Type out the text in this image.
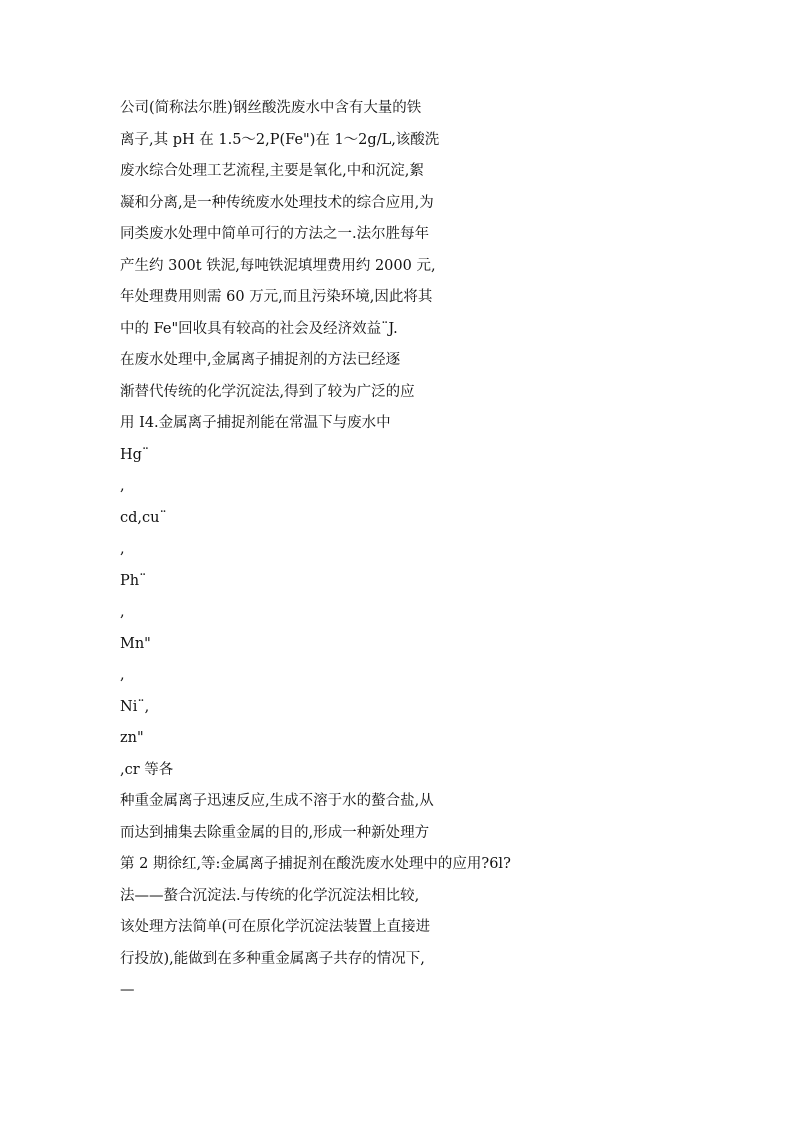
公司(简称法尔胜)钢丝酸洗废水中含有大量的铁
离子,其 pH 在 1.5～2,P(Fe")在 1～2g/L,该酸洗
废水综合处理工艺流程,主要是氧化,中和沉淀,絮
凝和分离,是一种传统废水处理技术的综合应用,为
同类废水处理中简单可行的方法之一.法尔胜每年
产生约 300t 铁泥,每吨铁泥填埋费用约 2000 元,
年处理费用则需 60 万元,而且污染环境,因此将其
中的 Fe"回收具有较高的社会及经济效益¨J.
在废水处理中,金属离子捕捉剂的方法已经逐
渐替代传统的化学沉淀法,得到了较为广泛的应
用 I4.金属离子捕捉剂能在常温下与废水中
Hg¨
,
cd,cu¨
,
Ph¨
,
Mn"
,
Ni¨,
zn"
,cr 等各
种重金属离子迅速反应,生成不溶于水的螯合盐,从
而达到捕集去除重金属的目的,形成一种新处理方
第 2 期徐红,等:金属离子捕捉剂在酸洗废水处理中的应用?6l?
法——螯合沉淀法.与传统的化学沉淀法相比较,
该处理方法简单(可在原化学沉淀法装置上直接进
行投放),能做到在多种重金属离子共存的情况下,
—
